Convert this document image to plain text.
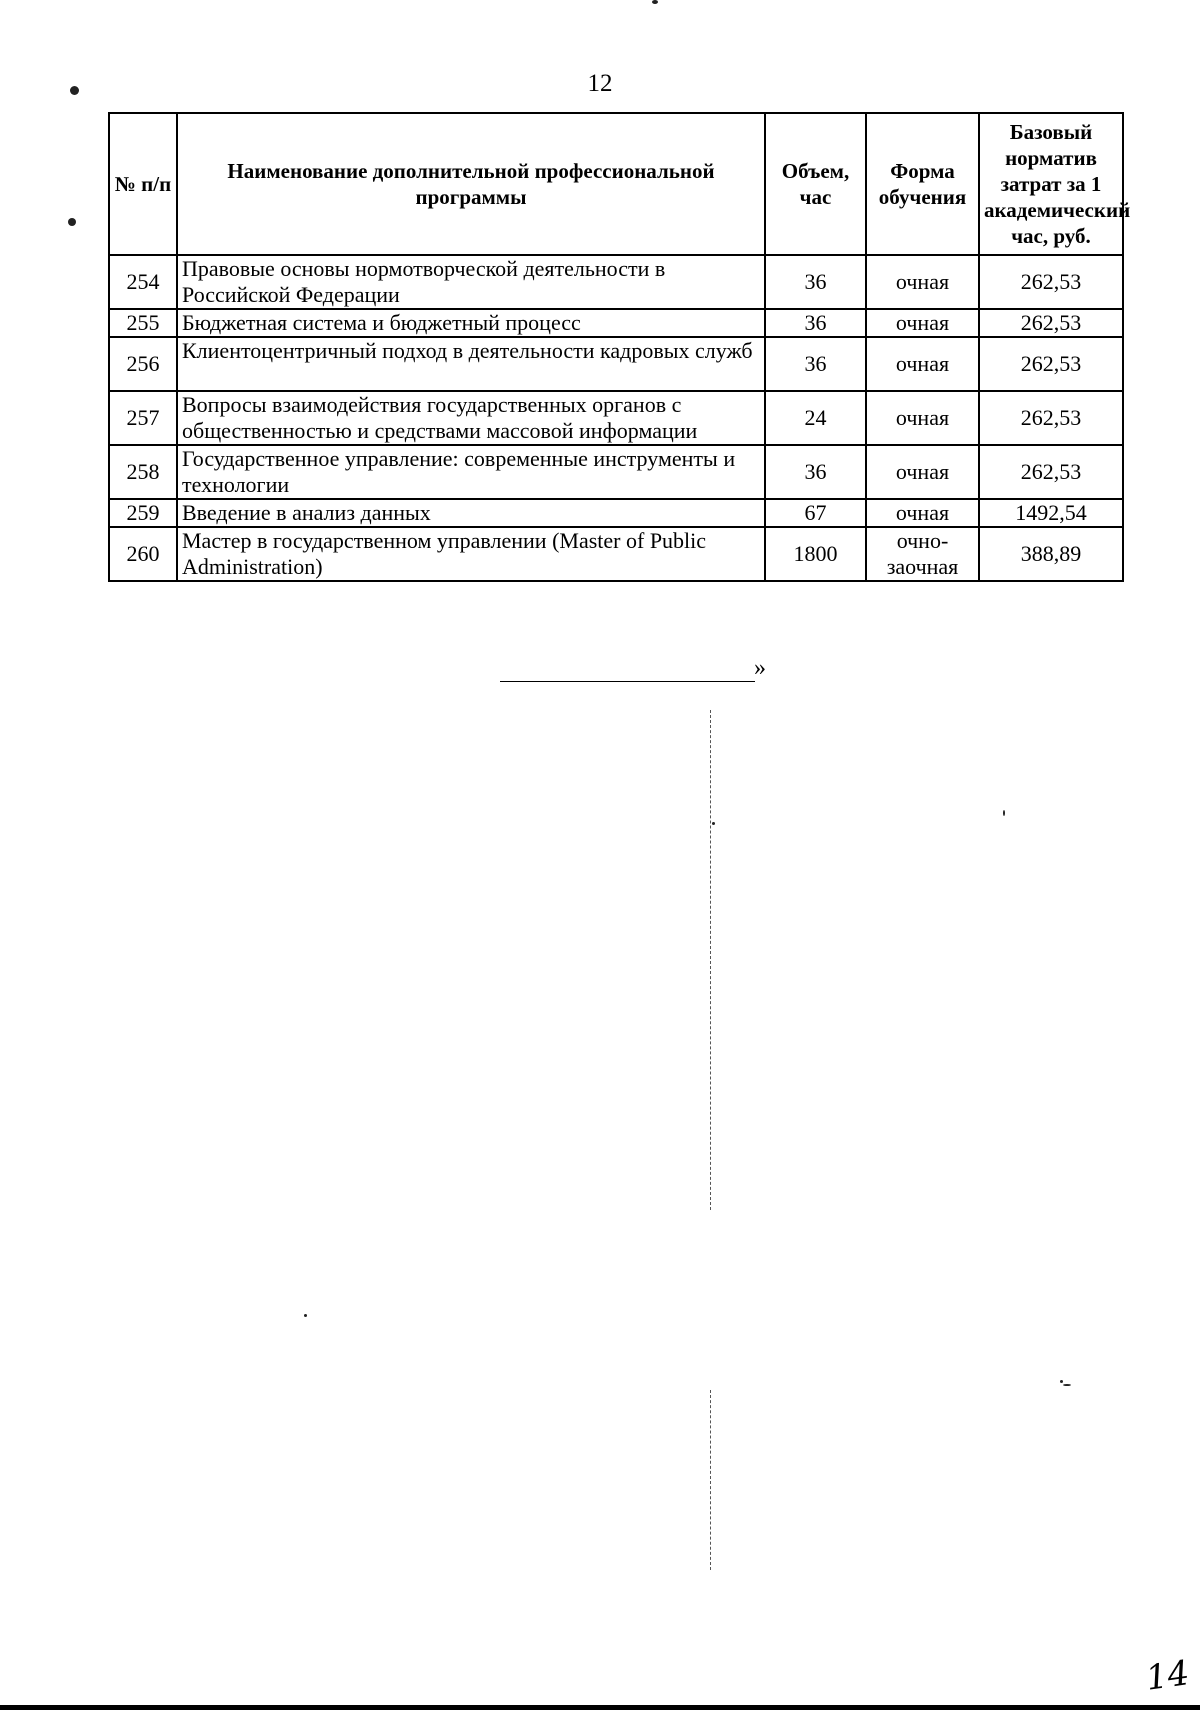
12
№ п/п	Наименование дополнительной профессиональной программы	Объем, час	Форма обучения	Базовый норматив затрат за 1 академический час, руб.
254	Правовые основы нормотворческой деятельности в Российской Федерации	36	очная	262,53
255	Бюджетная система и бюджетный процесс	36	очная	262,53
256	Клиентоцентричный подход в деятельности кадровых служб	36	очная	262,53
257	Вопросы взаимодействия государственных органов с общественностью и средствами массовой информации	24	очная	262,53
258	Государственное управление: современные инструменты и технологии	36	очная	262,53
259	Введение в анализ данных	67	очная	1492,54
260	Мастер в государственном управлении (Master of Public Administration)	1800	очно-заочная	388,89
»
14
